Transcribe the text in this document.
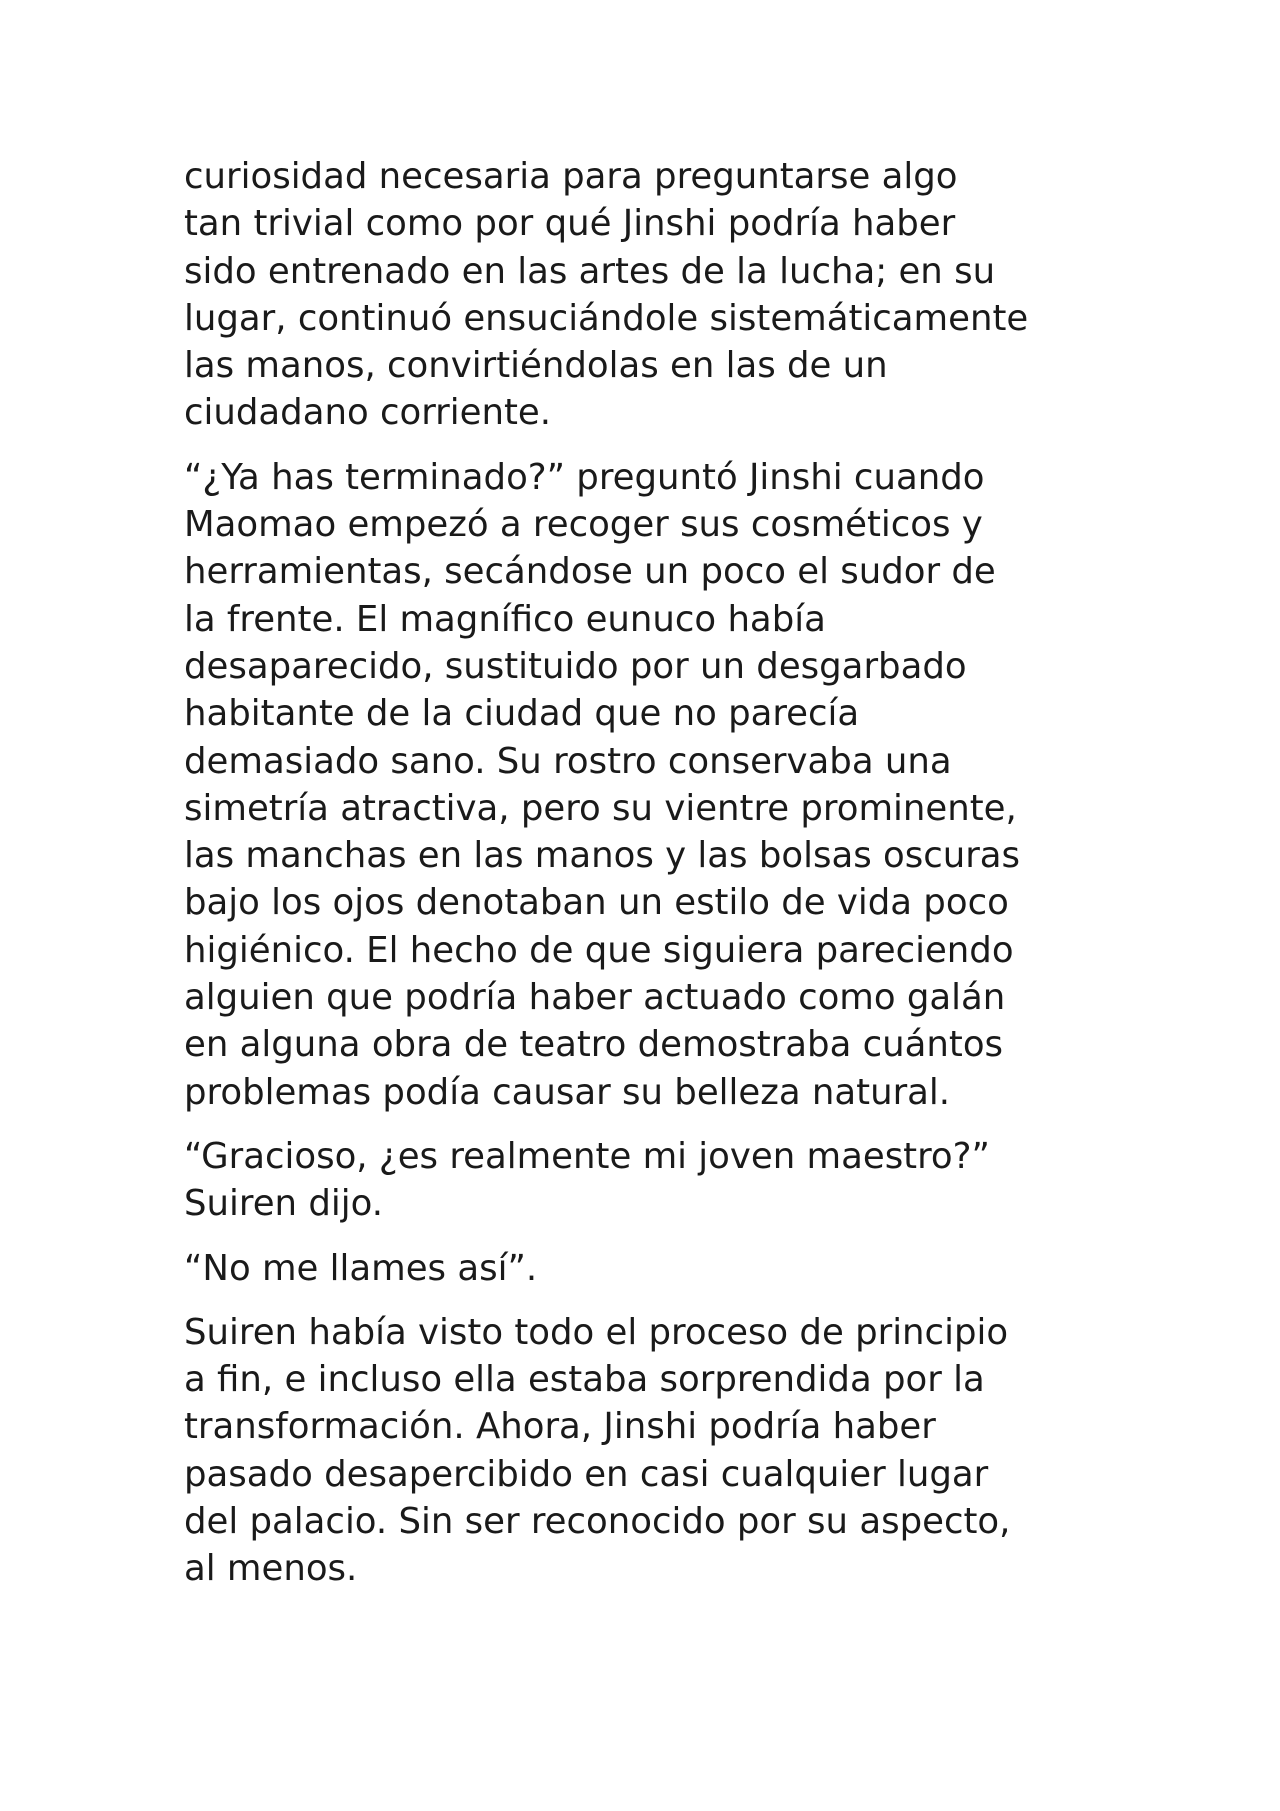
curiosidad necesaria para preguntarse algo
tan trivial como por qué Jinshi podría haber
sido entrenado en las artes de la lucha; en su
lugar, continuó ensuciándole sistemáticamente
las manos, convirtiéndolas en las de un
ciudadano corriente.

“¿Ya has terminado?” preguntó Jinshi cuando
Maomao empezó a recoger sus cosméticos y
herramientas, secándose un poco el sudor de
la frente. El magnífico eunuco había
desaparecido, sustituido por un desgarbado
habitante de la ciudad que no parecía
demasiado sano. Su rostro conservaba una
simetría atractiva, pero su vientre prominente,
las manchas en las manos y las bolsas oscuras
bajo los ojos denotaban un estilo de vida poco
higiénico. El hecho de que siguiera pareciendo
alguien que podría haber actuado como galán
en alguna obra de teatro demostraba cuántos
problemas podía causar su belleza natural.

“Gracioso, ¿es realmente mi joven maestro?”
Suiren dijo.

“No me llames así”.

Suiren había visto todo el proceso de principio
a fin, e incluso ella estaba sorprendida por la
transformación. Ahora, Jinshi podría haber
pasado desapercibido en casi cualquier lugar
del palacio. Sin ser reconocido por su aspecto,
al menos.
